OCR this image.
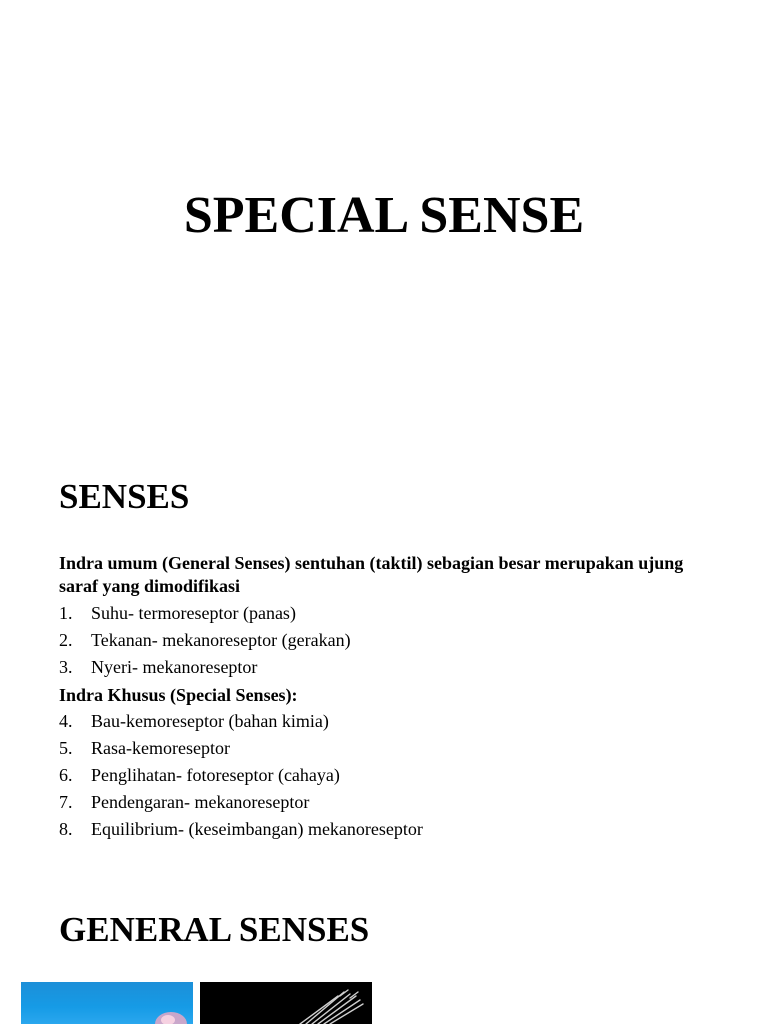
SPECIAL SENSE
SENSES

Indra umum (General Senses) sentuhan (taktil) sebagian besar merupakan ujung saraf yang dimodifikasi

1. Suhu- termoreseptor (panas)
2. Tekanan- mekanoreseptor (gerakan)
3. Nyeri- mekanoreseptor

Indra Khusus (Special Senses):

4. Bau-kemoreseptor (bahan kimia)
5. Rasa-kemoreseptor
6. Penglihatan- fotoreseptor (cahaya)
7. Pendengaran- mekanoreseptor
8. Equilibrium- (keseimbangan) mekanoreseptor
GENERAL SENSES
